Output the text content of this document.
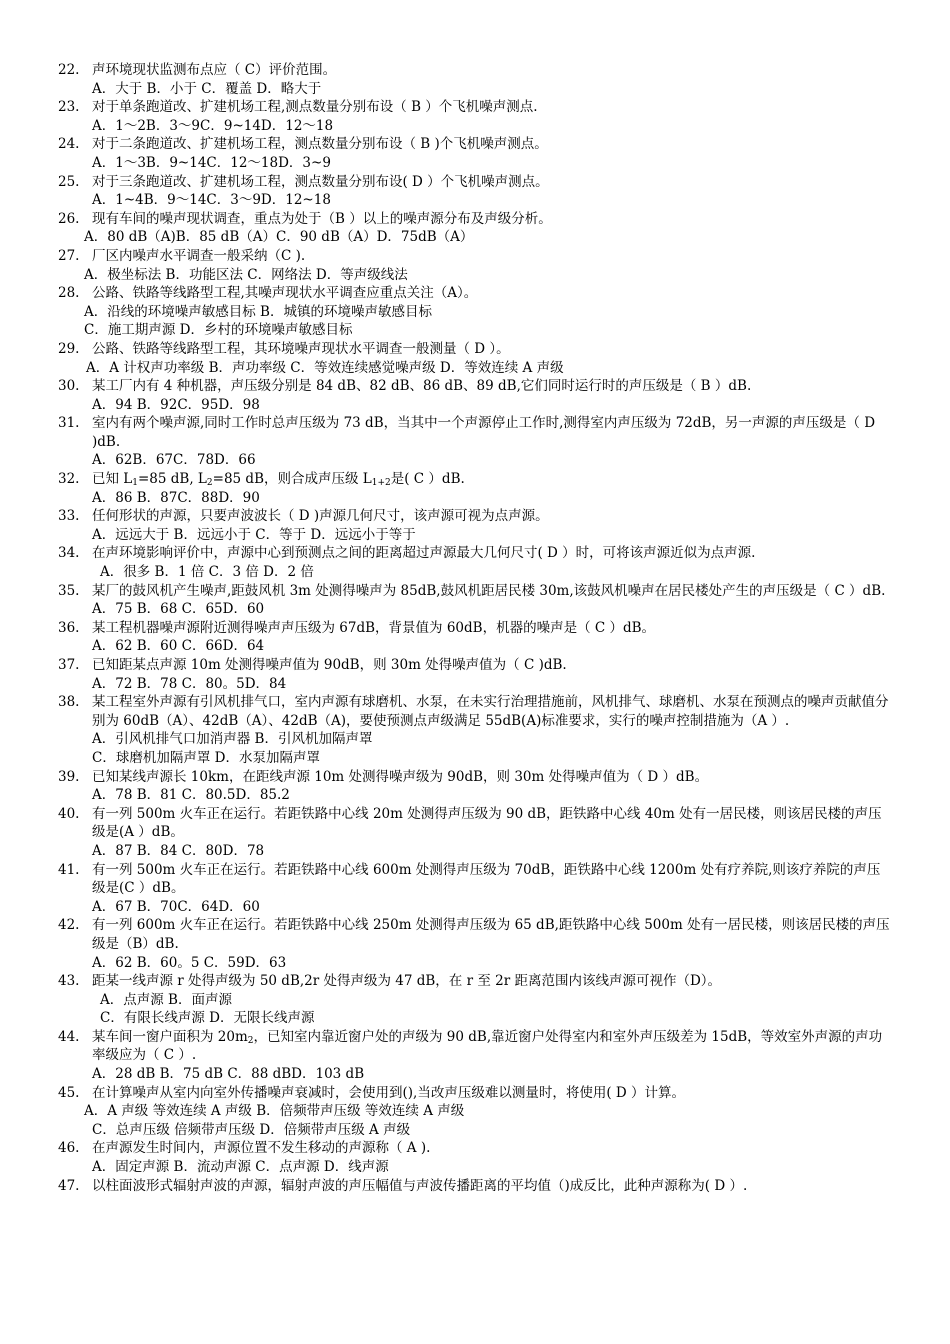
22. 声环境现状监测布点应（ C）评价范围。
A．大于 B．小于 C．覆盖 D．略大于
23. 对于单条跑道改、扩建机场工程,测点数量分别布设（ B ）个飞机噪声测点.
A．1～2B．3～9C．9~14D．12～18
24. 对于二条跑道改、扩建机场工程，测点数量分别布设（ B )个飞机噪声测点。
A．1～3B．9~14C．12～18D．3~9
25. 对于三条跑道改、扩建机场工程，测点数量分别布设( D ）个飞机噪声测点。
A．1~4B．9～14C．3～9D．12~18
26. 现有车间的噪声现状调查，重点为处于（B ）以上的噪声源分布及声级分析。
A．80 dB（A)B．85 dB（A）C．90 dB（A）D．75dB（A）
27. 厂区内噪声水平调查一般采纳（C ).
A．极坐标法 B．功能区法 C．网络法 D．等声级线法
28. 公路、铁路等线路型工程,其噪声现状水平调查应重点关注（A）。
A．沿线的环境噪声敏感目标 B．城镇的环境噪声敏感目标
C．施工期声源 D．乡村的环境噪声敏感目标
29. 公路、铁路等线路型工程，其环境噪声现状水平调查一般测量（ D ）。
A．A 计权声功率级 B．声功率级 C．等效连续感觉噪声级 D．等效连续 A 声级
30. 某工厂内有 4 种机器，声压级分别是 84 dB、82 dB、86 dB、89 dB,它们同时运行时的声压级是（ B ）dB.
A．94 B．92C．95D．98
31. 室内有两个噪声源,同时工作时总声压级为 73 dB，当其中一个声源停止工作时,测得室内声压级为 72dB，另一声源的声压级是（ D )dB.
A．62B．67C．78D．66
32. 已知 $L_1=85$ dB, $L_2=85$ dB，则合成声压级 $L_{1+2}$是( C ）dB.
A．86 B．87C．88D．90
33. 任何形状的声源，只要声波波长（ D )声源几何尺寸，该声源可视为点声源。
A．远远大于 B．远远小于 C．等于 D．远远小于等于
34. 在声环境影响评价中，声源中心到预测点之间的距离超过声源最大几何尺寸( D ）时，可将该声源近似为点声源.
A．很多 B．1 倍 C．3 倍 D．2 倍
35. 某厂的鼓风机产生噪声,距鼓风机 3m 处测得噪声为 85dB,鼓风机距居民楼 30m,该鼓风机噪声在居民楼处产生的声压级是（ C ）dB.
A．75 B．68 C．65D．60
36. 某工程机器噪声源附近测得噪声声压级为 67dB，背景值为 60dB，机器的噪声是（ C ）dB。
A．62 B．60 C．66D．64
37. 已知距某点声源 10m 处测得噪声值为 90dB，则 30m 处得噪声值为（ C )dB.
A．72 B．78 C．80。5D．84
38. 某工程室外声源有引风机排气口，室内声源有球磨机、水泵，在未实行治理措施前，风机排气、球磨机、水泵在预测点的噪声贡献值分别为 60dB（A）、42dB（A）、42dB（A)，要使预测点声级满足 55dB(A)标准要求，实行的噪声控制措施为（A ）.
A．引风机排气口加消声器 B．引风机加隔声罩
C．球磨机加隔声罩 D．水泵加隔声罩
39. 已知某线声源长 10km，在距线声源 10m 处测得噪声级为 90dB，则 30m 处得噪声值为（ D ）dB。
A．78 B．81 C．80.5D．85.2
40. 有一列 500m 火车正在运行。若距铁路中心线 20m 处测得声压级为 90 dB，距铁路中心线 40m 处有一居民楼，则该居民楼的声压级是(A ）dB。
A．87 B．84 C．80D．78
41. 有一列 500m 火车正在运行。若距铁路中心线 600m 处测得声压级为 70dB，距铁路中心线 1200m 处有疗养院,则该疗养院的声压级是(C ）dB。
A．67 B．70C．64D．60
42. 有一列 600m 火车正在运行。若距铁路中心线 250m 处测得声压级为 65 dB,距铁路中心线 500m 处有一居民楼，则该居民楼的声压级是（B）dB.
A．62 B．60。5 C．59D．63
43. 距某一线声源 r 处得声级为 50 dB,2r 处得声级为 47 dB，在 r 至 2r 距离范围内该线声源可视作（D）。
A．点声源 B．面声源
C．有限长线声源 D．无限长线声源
44. 某车间一窗户面积为 $20m_2$，已知室内靠近窗户处的声级为 90 dB,靠近窗户处得室内和室外声压级差为 15dB，等效室外声源的声功率级应为（ C ）.
A．28 dB B．75 dB C．88 dBD．103 dB
45. 在计算噪声从室内向室外传播噪声衰减时，会使用到(),当改声压级难以测量时，将使用( D ）计算。
A．A 声级 等效连续 A 声级 B．倍频带声压级 等效连续 A 声级
C．总声压级 倍频带声压级 D．倍频带声压级 A 声级
46. 在声源发生时间内，声源位置不发生移动的声源称（ A ).
A．固定声源 B．流动声源 C．点声源 D．线声源
47. 以柱面波形式辐射声波的声源，辐射声波的声压幅值与声波传播距离的平均值（)成反比，此种声源称为( D ）.
